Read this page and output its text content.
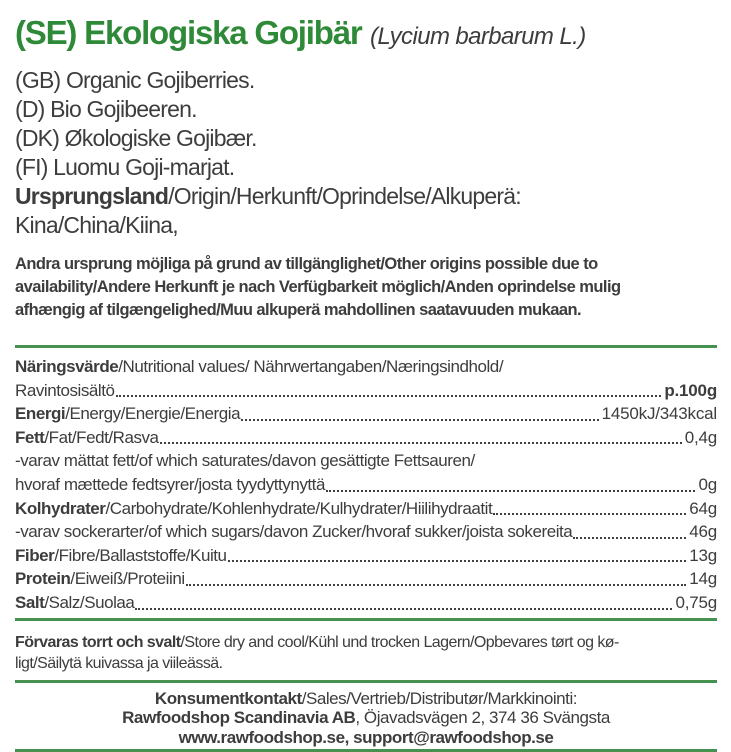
(SE) Ekologiska Gojibär (Lycium barbarum L.)
(GB) Organic Gojiberries.
(D) Bio Gojibeeren.
(DK) Økologiske Gojibær.
(FI) Luomu Goji-marjat.
Ursprungsland/Origin/Herkunft/Oprindelse/Alkuperä:
Kina/China/Kiina,
Andra ursprung möjliga på grund av tillgänglighet/Other origins possible due to
availability/Andere Herkunft je nach Verfügbarkeit möglich/Anden oprindelse mulig
afhængig af tilgængelighed/Muu alkuperä mahdollinen saatavuuden mukaan.
Näringsvärde /Nutritional values/ Nährwertangaben/Næringsindhold/
Ravintosisältö	p.100g
Energi /Energy/Energie/Energia	1450kJ/343kcal
Fett /Fat/Fedt/Rasva	0,4g
-varav mättat fett/of which saturates/davon gesättigte Fettsauren/
hvoraf mættede fedtsyrer/josta tyydyttynyttä	0g
Kolhydrater /Carbohydrate/Kohlenhydrate/Kulhydrater/Hiilihydraatit	64g
-varav sockerarter/of which sugars/davon Zucker/hvoraf sukker/joista sokereita	46g
Fiber /Fibre/Ballaststoffe/Kuitu	13g
Protein /Eiweiß/Proteiini	14g
Salt /Salz/Suolaa	0,75g
Förvaras torrt och svalt/Store dry and cool/Kühl und trocken Lagern/Opbevares tørt og kø-
ligt/Säilytä kuivassa ja viileässä.
Konsumentkontakt/Sales/Vertrieb/Distributør/Markkinointi:
Rawfoodshop Scandinavia AB, Öjavadsvägen 2, 374 36 Svängsta
www.rawfoodshop.se, support@rawfoodshop.se
